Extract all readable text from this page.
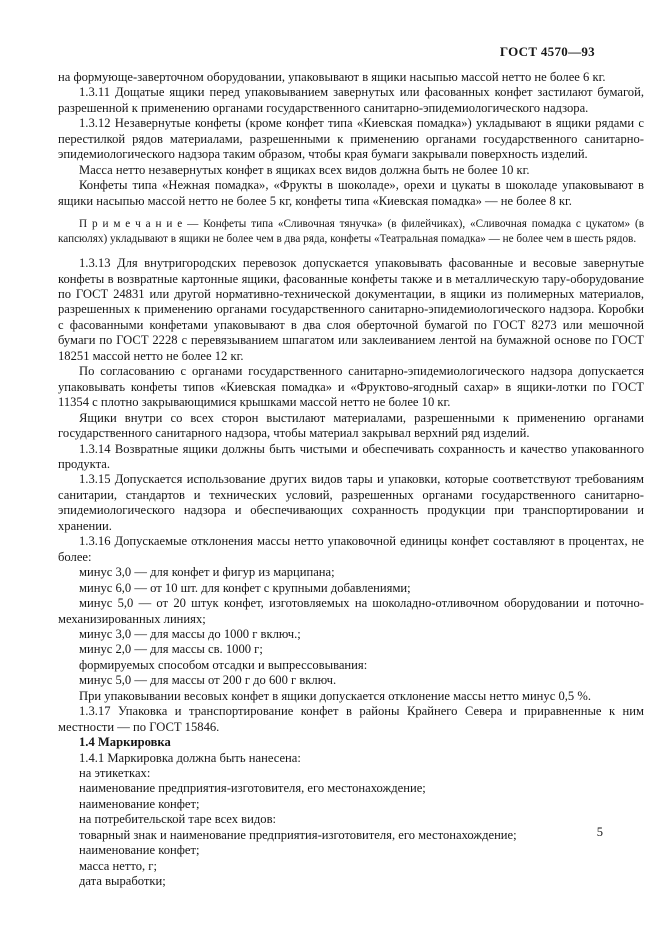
ГОСТ 4570—93

на формующе-заверточном оборудовании, упаковывают в ящики насыпью массой нетто не более 6 кг.

1.3.11 Дощатые ящики перед упаковыванием завернутых или фасованных конфет застилают бумагой, разрешенной к применению органами государственного санитарно-эпидемиологического надзора.

1.3.12 Незавернутые конфеты (кроме конфет типа «Киевская помадка») укладывают в ящики рядами с перестилкой рядов материалами, разрешенными к применению органами государственного санитарно-эпидемиологического надзора таким образом, чтобы края бумаги закрывали поверхность изделий.

Масса нетто незавернутых конфет в ящиках всех видов должна быть не более 10 кг.

Конфеты типа «Нежная помадка», «Фрукты в шоколаде», орехи и цукаты в шоколаде упаковывают в ящики насыпью массой нетто не более 5 кг, конфеты типа «Киевская помадка» — не более 8 кг.

П р и м е ч а н и е — Конфеты типа «Сливочная тянучка» (в филейчиках), «Сливочная помадка с цукатом» (в капсюлях) укладывают в ящики не более чем в два ряда, конфеты «Театральная помадка» — не более чем в шесть рядов.

1.3.13 Для внутригородских перевозок допускается упаковывать фасованные и весовые завернутые конфеты в возвратные картонные ящики, фасованные конфеты также и в металлическую тару-оборудование по ГОСТ 24831 или другой нормативно-технической документации, в ящики из полимерных материалов, разрешенных к применению органами государственного санитарно-эпидемиологического надзора. Коробки с фасованными конфетами упаковывают в два слоя оберточной бумагой по ГОСТ 8273 или мешочной бумаги по ГОСТ 2228 с перевязыванием шпагатом или заклеиванием лентой на бумажной основе по ГОСТ 18251 массой нетто не более 12 кг.

По согласованию с органами государственного санитарно-эпидемиологического надзора допускается упаковывать конфеты типов «Киевская помадка» и «Фруктово-ягодный сахар» в ящики-лотки по ГОСТ 11354 с плотно закрывающимися крышками массой нетто не более 10 кг.

Ящики внутри со всех сторон выстилают материалами, разрешенными к применению органами государственного санитарного надзора, чтобы материал закрывал верхний ряд изделий.

1.3.14 Возвратные ящики должны быть чистыми и обеспечивать сохранность и качество упакованного продукта.

1.3.15 Допускается использование других видов тары и упаковки, которые соответствуют требованиям санитарии, стандартов и технических условий, разрешенных органами государственного санитарно-эпидемиологического надзора и обеспечивающих сохранность продукции при транспортировании и хранении.

1.3.16 Допускаемые отклонения массы нетто упаковочной единицы конфет составляют в процентах, не более:

минус 3,0 — для конфет и фигур из марципана;

минус 6,0 — от 10 шт. для конфет с крупными добавлениями;

минус 5,0 — от 20 штук конфет, изготовляемых на шоколадно-отливочном оборудовании и поточно-механизированных линиях;

минус 3,0 — для массы до 1000 г включ.;

минус 2,0 — для массы св. 1000 г;

формируемых способом отсадки и выпрессовывания:

минус 5,0 — для массы от 200 г до 600 г включ.

При упаковывании весовых конфет в ящики допускается отклонение массы нетто минус 0,5 %.

1.3.17 Упаковка и транспортирование конфет в районы Крайнего Севера и приравненные к ним местности — по ГОСТ 15846.

1.4 Маркировка

1.4.1 Маркировка должна быть нанесена:

на этикетках:

наименование предприятия-изготовителя, его местонахождение;

наименование конфет;

на потребительской таре всех видов:

товарный знак и наименование предприятия-изготовителя, его местонахождение;

наименование конфет;

масса нетто, г;

дата выработки;

5
